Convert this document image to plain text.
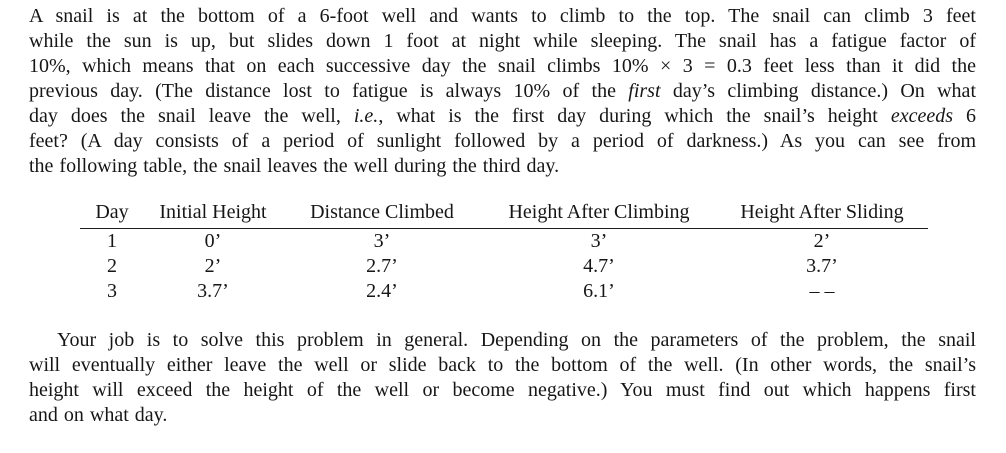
A snail is at the bottom of a 6-foot well and wants to climb to the top. The snail can climb 3 feet
while the sun is up, but slides down 1 foot at night while sleeping. The snail has a fatigue factor of
10%, which means that on each successive day the snail climbs 10% × 3 = 0.3 feet less than it did the
previous day. (The distance lost to fatigue is always 10% of the first day’s climbing distance.) On what
day does the snail leave the well, i.e., what is the first day during which the snail’s height exceeds 6
feet? (A day consists of a period of sunlight followed by a period of darkness.) As you can see from
the following table, the snail leaves the well during the third day.
Day	Initial Height	Distance Climbed	Height After Climbing	Height After Sliding
1	0’	3’	3’	2’
2	2’	2.7’	4.7’	3.7’
3	3.7’	2.4’	6.1’	– –
Your job is to solve this problem in general. Depending on the parameters of the problem, the snail
will eventually either leave the well or slide back to the bottom of the well. (In other words, the snail’s
height will exceed the height of the well or become negative.) You must find out which happens first
and on what day.
